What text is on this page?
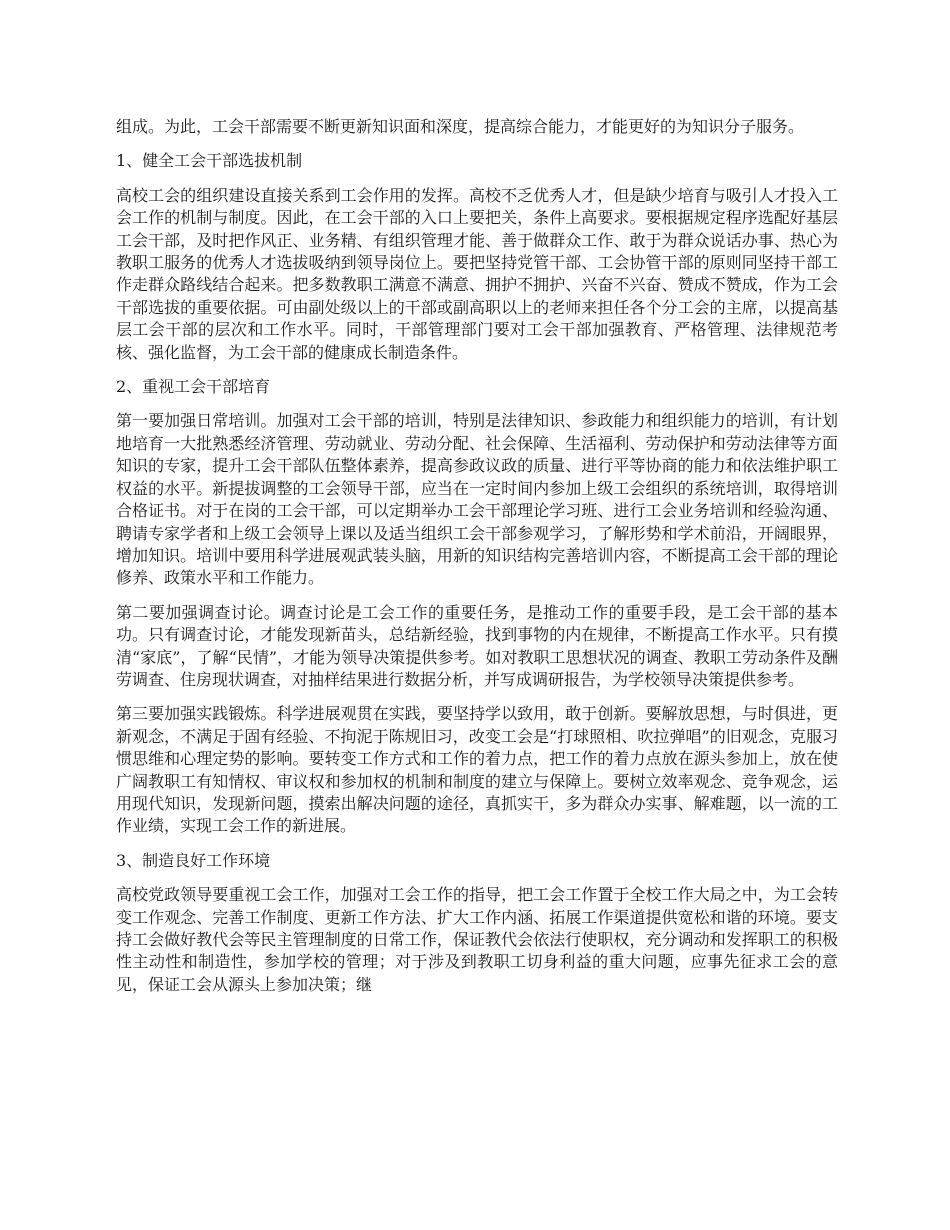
组成。为此，工会干部需要不断更新知识面和深度，提高综合能力，才能更好的为知识分子服务。

1、健全工会干部选拔机制

高校工会的组织建设直接关系到工会作用的发挥。高校不乏优秀人才，但是缺少培育与吸引人才投入工会工作的机制与制度。因此，在工会干部的入口上要把关，条件上高要求。要根据规定程序选配好基层工会干部，及时把作风正、业务精、有组织管理才能、善于做群众工作、敢于为群众说话办事、热心为教职工服务的优秀人才选拔吸纳到领导岗位上。要把坚持党管干部、工会协管干部的原则同坚持干部工作走群众路线结合起来。把多数教职工满意不满意、拥护不拥护、兴奋不兴奋、赞成不赞成，作为工会干部选拔的重要依据。可由副处级以上的干部或副高职以上的老师来担任各个分工会的主席，以提高基层工会干部的层次和工作水平。同时，干部管理部门要对工会干部加强教育、严格管理、法律规范考核、强化监督，为工会干部的健康成长制造条件。

2、重视工会干部培育

第一要加强日常培训。加强对工会干部的培训，特别是法律知识、参政能力和组织能力的培训，有计划地培育一大批熟悉经济管理、劳动就业、劳动分配、社会保障、生活福利、劳动保护和劳动法律等方面知识的专家，提升工会干部队伍整体素养，提高参政议政的质量、进行平等协商的能力和依法维护职工权益的水平。新提拔调整的工会领导干部，应当在一定时间内参加上级工会组织的系统培训，取得培训合格证书。对于在岗的工会干部，可以定期举办工会干部理论学习班、进行工会业务培训和经验沟通、聘请专家学者和上级工会领导上课以及适当组织工会干部参观学习，了解形势和学术前沿，开阔眼界，增加知识。培训中要用科学进展观武装头脑，用新的知识结构完善培训内容，不断提高工会干部的理论修养、政策水平和工作能力。

第二要加强调查讨论。调查讨论是工会工作的重要任务，是推动工作的重要手段，是工会干部的基本功。只有调查讨论，才能发现新苗头，总结新经验，找到事物的内在规律，不断提高工作水平。只有摸清“家底”，了解“民情”，才能为领导决策提供参考。如对教职工思想状况的调查、教职工劳动条件及酬劳调查、住房现状调查，对抽样结果进行数据分析，并写成调研报告，为学校领导决策提供参考。

第三要加强实践锻炼。科学进展观贯在实践，要坚持学以致用，敢于创新。要解放思想，与时俱进，更新观念，不满足于固有经验、不拘泥于陈规旧习，改变工会是“打球照相、吹拉弹唱”的旧观念，克服习惯思维和心理定势的影响。要转变工作方式和工作的着力点，把工作的着力点放在源头参加上，放在使广阔教职工有知情权、审议权和参加权的机制和制度的建立与保障上。要树立效率观念、竞争观念，运用现代知识，发现新问题，摸索出解决问题的途径，真抓实干，多为群众办实事、解难题，以一流的工作业绩，实现工会工作的新进展。

3、制造良好工作环境

高校党政领导要重视工会工作，加强对工会工作的指导，把工会工作置于全校工作大局之中，为工会转变工作观念、完善工作制度、更新工作方法、扩大工作内涵、拓展工作渠道提供宽松和谐的环境。要支持工会做好教代会等民主管理制度的日常工作，保证教代会依法行使职权，充分调动和发挥职工的积极性主动性和制造性，参加学校的管理；对于涉及到教职工切身利益的重大问题，应事先征求工会的意见，保证工会从源头上参加决策；继
